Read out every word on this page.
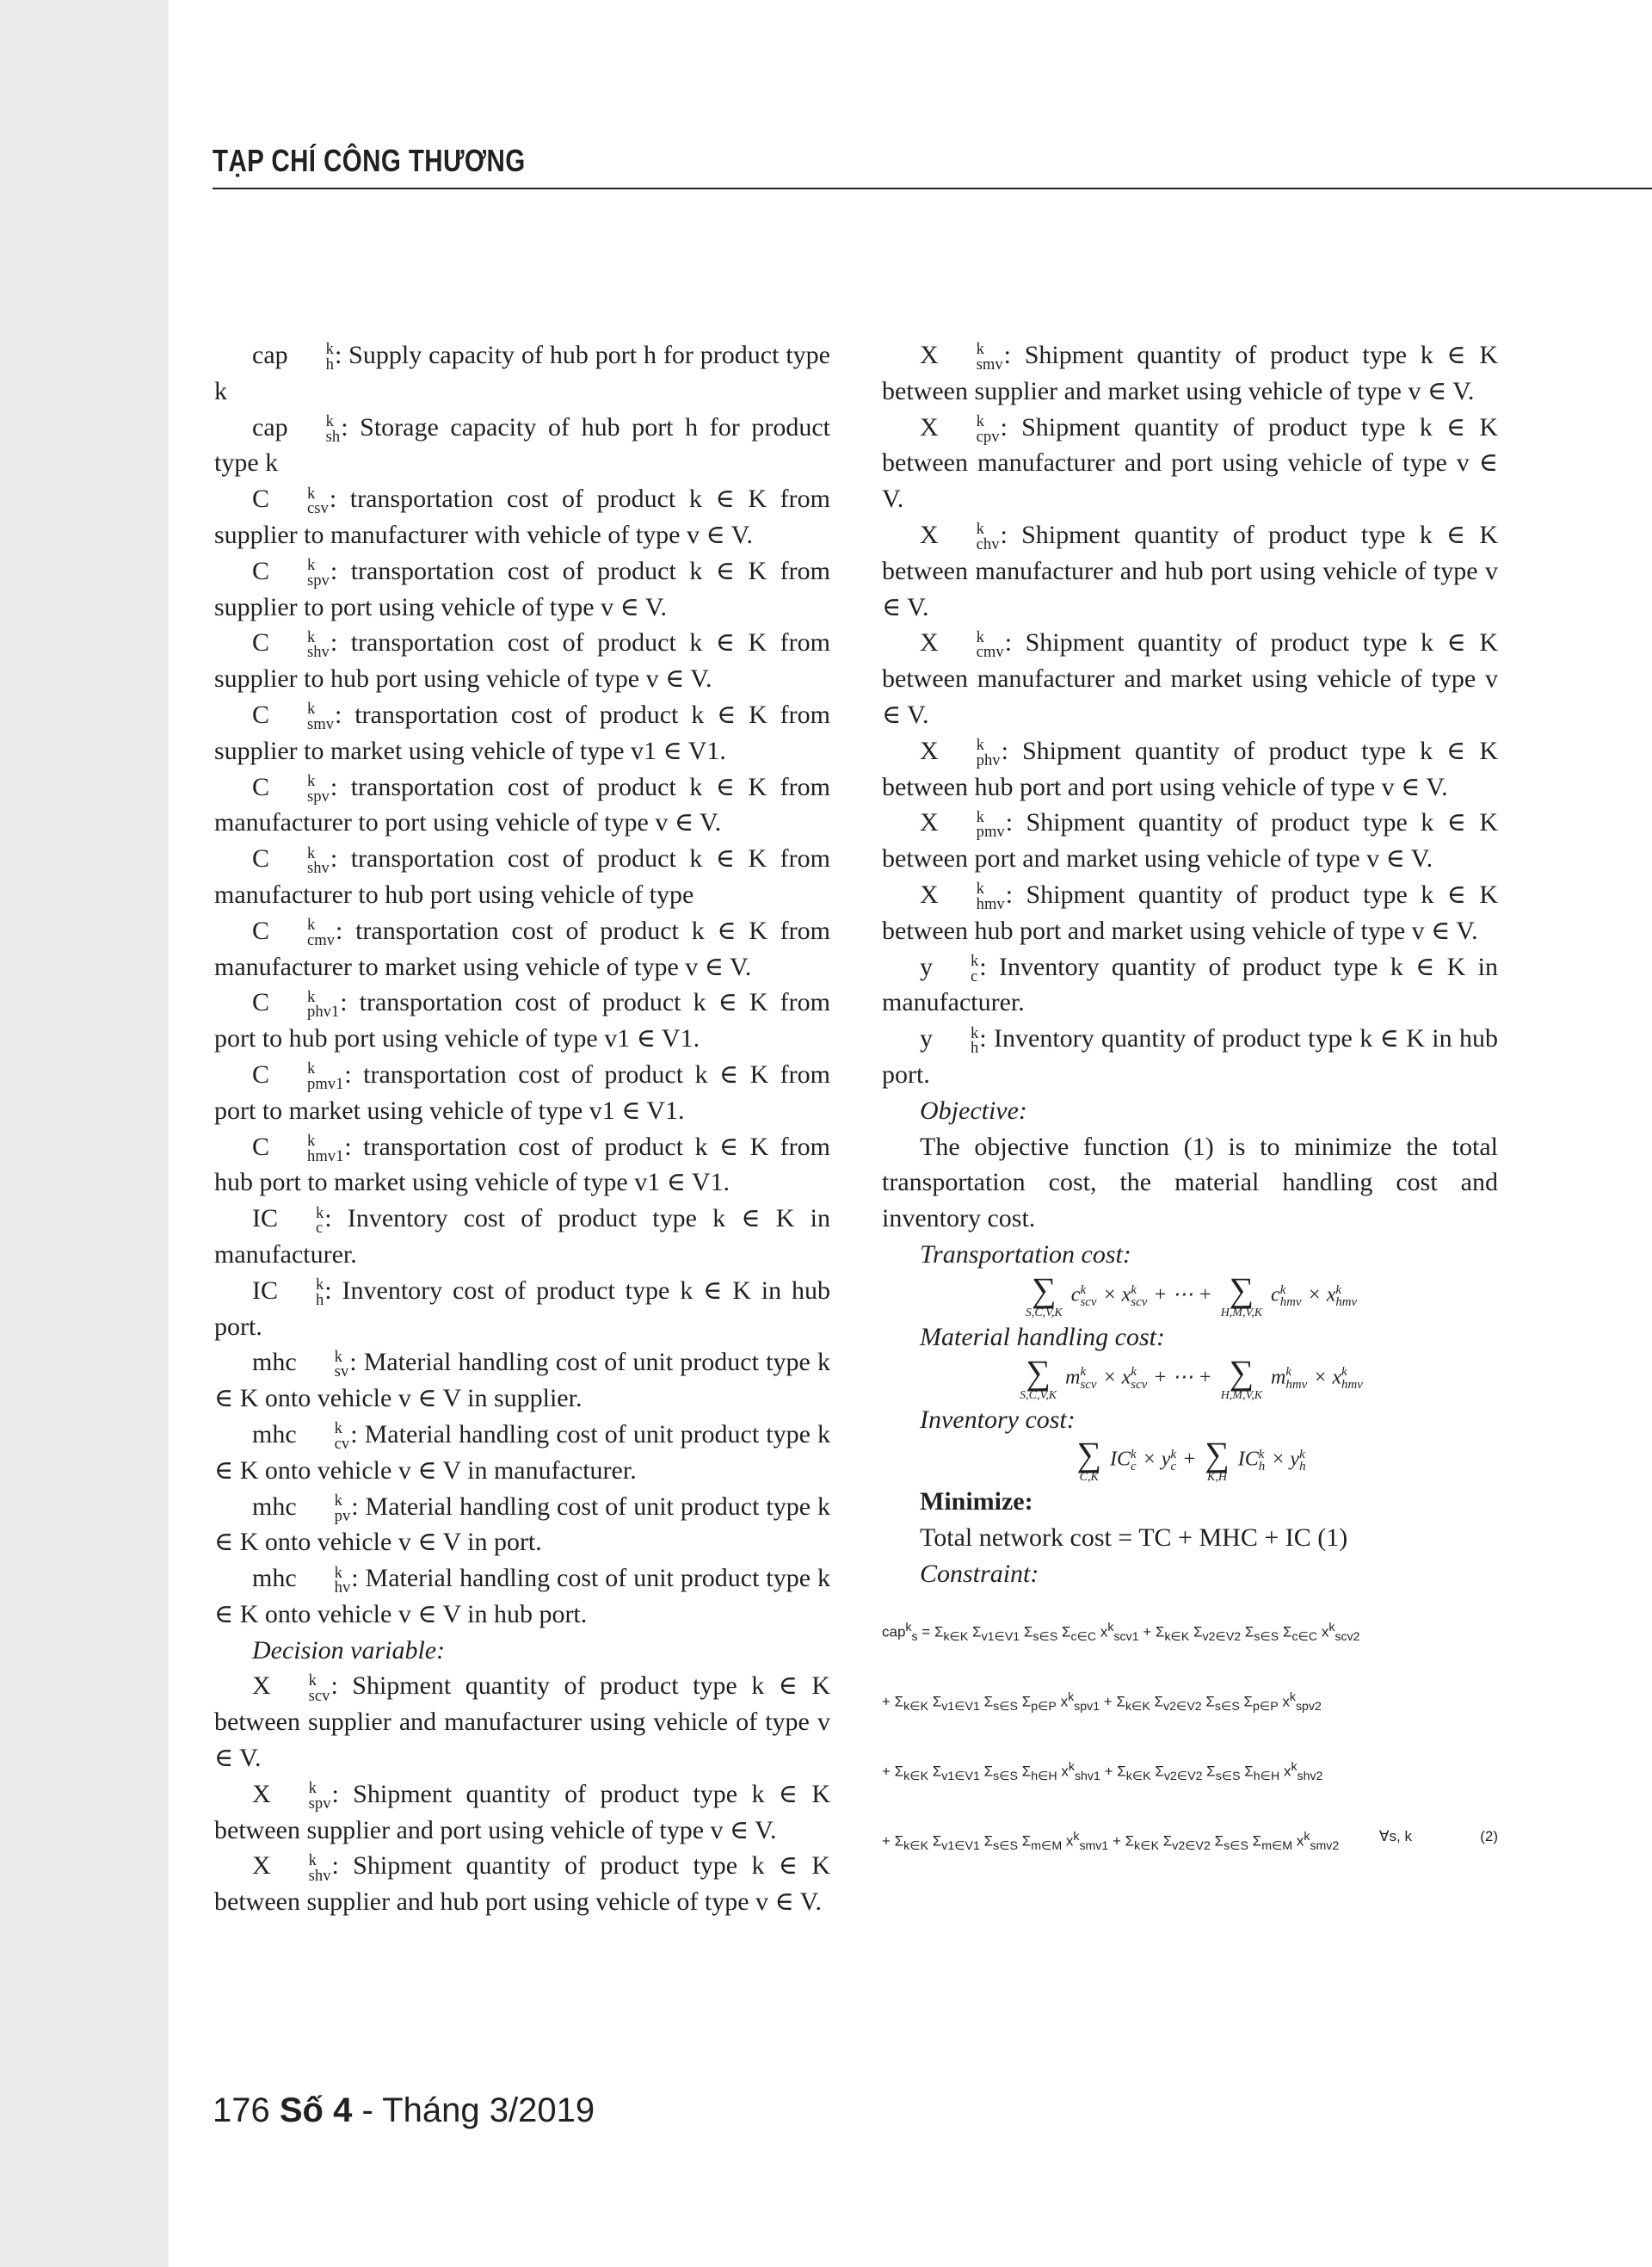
TẠP CHÍ CÔNG THƯƠNG

cap	k
h : Supply capacity of hub port h for product type k

cap	k
sh : Storage capacity of hub port h for product type k

C	k
csv : transportation cost of product k ∈ K from supplier to manufacturer with vehicle of type v ∈ V.

C	k
spv : transportation cost of product k ∈ K from supplier to port using vehicle of type v ∈ V.

C	k
shv : transportation cost of product k ∈ K from supplier to hub port using vehicle of type v ∈ V.

C	k
smv : transportation cost of product k ∈ K from supplier to market using vehicle of type v1 ∈ V1.

C	k
spv : transportation cost of product k ∈ K from manufacturer to port using vehicle of type v ∈ V.

C	k
shv : transportation cost of product k ∈ K from manufacturer to hub port using vehicle of type

C	k
cmv : transportation cost of product k ∈ K from manufacturer to market using vehicle of type v ∈ V.

C	k
phv1 : transportation cost of product k ∈ K from port to hub port using vehicle of type v1 ∈ V1.

C	k
pmv1 : transportation cost of product k ∈ K from port to market using vehicle of type v1 ∈ V1.

C	k
hmv1 : transportation cost of product k ∈ K from hub port to market using vehicle of type v1 ∈ V1.

IC	k
c : Inventory cost of product type k ∈ K in manufacturer.

IC	k
h : Inventory cost of product type k ∈ K in hub port.

mhc	k
sv : Material handling cost of unit product type k ∈ K onto vehicle v ∈ V in supplier.

mhc	k
cv : Material handling cost of unit product type k ∈ K onto vehicle v ∈ V in manufacturer.

mhc	k
pv : Material handling cost of unit product type k ∈ K onto vehicle v ∈ V in port.

mhc	k
hv : Material handling cost of unit product type k ∈ K onto vehicle v ∈ V in hub port.

Decision variable:

X	k
scv : Shipment quantity of product type k ∈ K between supplier and manufacturer using vehicle of type v ∈ V.

X	k
spv : Shipment quantity of product type k ∈ K between supplier and port using vehicle of type v ∈ V.

X	k
shv : Shipment quantity of product type k ∈ K between supplier and hub port using vehicle of type v ∈ V.

X	k
smv : Shipment quantity of product type k ∈ K between supplier and market using vehicle of type v ∈ V.

X	k
cpv : Shipment quantity of product type k ∈ K between manufacturer and port using vehicle of type v ∈ V.

X	k
chv : Shipment quantity of product type k ∈ K between manufacturer and hub port using vehicle of type v ∈ V.

X	k
cmv : Shipment quantity of product type k ∈ K between manufacturer and market using vehicle of type v ∈ V.

X	k
phv : Shipment quantity of product type k ∈ K between hub port and port using vehicle of type v ∈ V.

X	k
pmv : Shipment quantity of product type k ∈ K between port and market using vehicle of type v ∈ V.

X	k
hmv : Shipment quantity of product type k ∈ K between hub port and market using vehicle of type v ∈ V.

y	k
c : Inventory quantity of product type k ∈ K in manufacturer.

y	k
h : Inventory quantity of product type k ∈ K in hub port.

Objective:

The objective function (1) is to minimize the total transportation cost, the material handling cost and inventory cost.

Transportation cost:

∑
S,C,V,K
c k
scv × x k
scv + ⋯ + ∑
H,M,V,K
c k
hmv × x k
hmv

Material handling cost:

∑
S,C,V,K
m k
scv × x k
scv + ⋯ + ∑
H,M,V,K
m k
hmv × x k
hmv

Inventory cost:

∑
C,K
IC k
c × y k
c + ∑
K,H
IC k
h × y k
h

Minimize:

Total network cost = TC + MHC + IC (1)

Constraint:

$cap^k_s = \Sigma_{k\in K}$ $\Sigma_{v1\in V1}$ $\Sigma_{s\in S}$ $\Sigma_{c\in C}$ $x^k_{scv1} + \Sigma_{k\in K}$ $\Sigma_{v2\in V2}$ $\Sigma_{s\in S}$ $\Sigma_{c\in C}$ $x^k_{scv2}$
+ $\Sigma_{k\in K}$ $\Sigma_{v1\in V1}$ $\Sigma_{s\in S}$ $\Sigma_{p\in P}$ $x^k_{spv1} + \Sigma_{k\in K}$ $\Sigma_{v2\in V2}$ $\Sigma_{s\in S}$ $\Sigma_{p\in P}$ $x^k_{spv2}$
+ $\Sigma_{k\in K}$ $\Sigma_{v1\in V1}$ $\Sigma_{s\in S}$ $\Sigma_{h\in H}$ $x^k_{shv1} + \Sigma_{k\in K}$ $\Sigma_{v2\in V2}$ $\Sigma_{s\in S}$ $\Sigma_{h\in H}$ $x^k_{shv2}$
+ $\Sigma_{k\in K}$ $\Sigma_{v1\in V1}$ $\Sigma_{s\in S}$ $\Sigma_{m\in M}$ $x^k_{smv1} + \Sigma_{k\in K}$ $\Sigma_{v2\in V2}$ $\Sigma_{s\in S}$ $\Sigma_{m\in M}$ $x^k_{smv2}$
∀s, k	(2)
176 Số 4 - Tháng 3/2019
